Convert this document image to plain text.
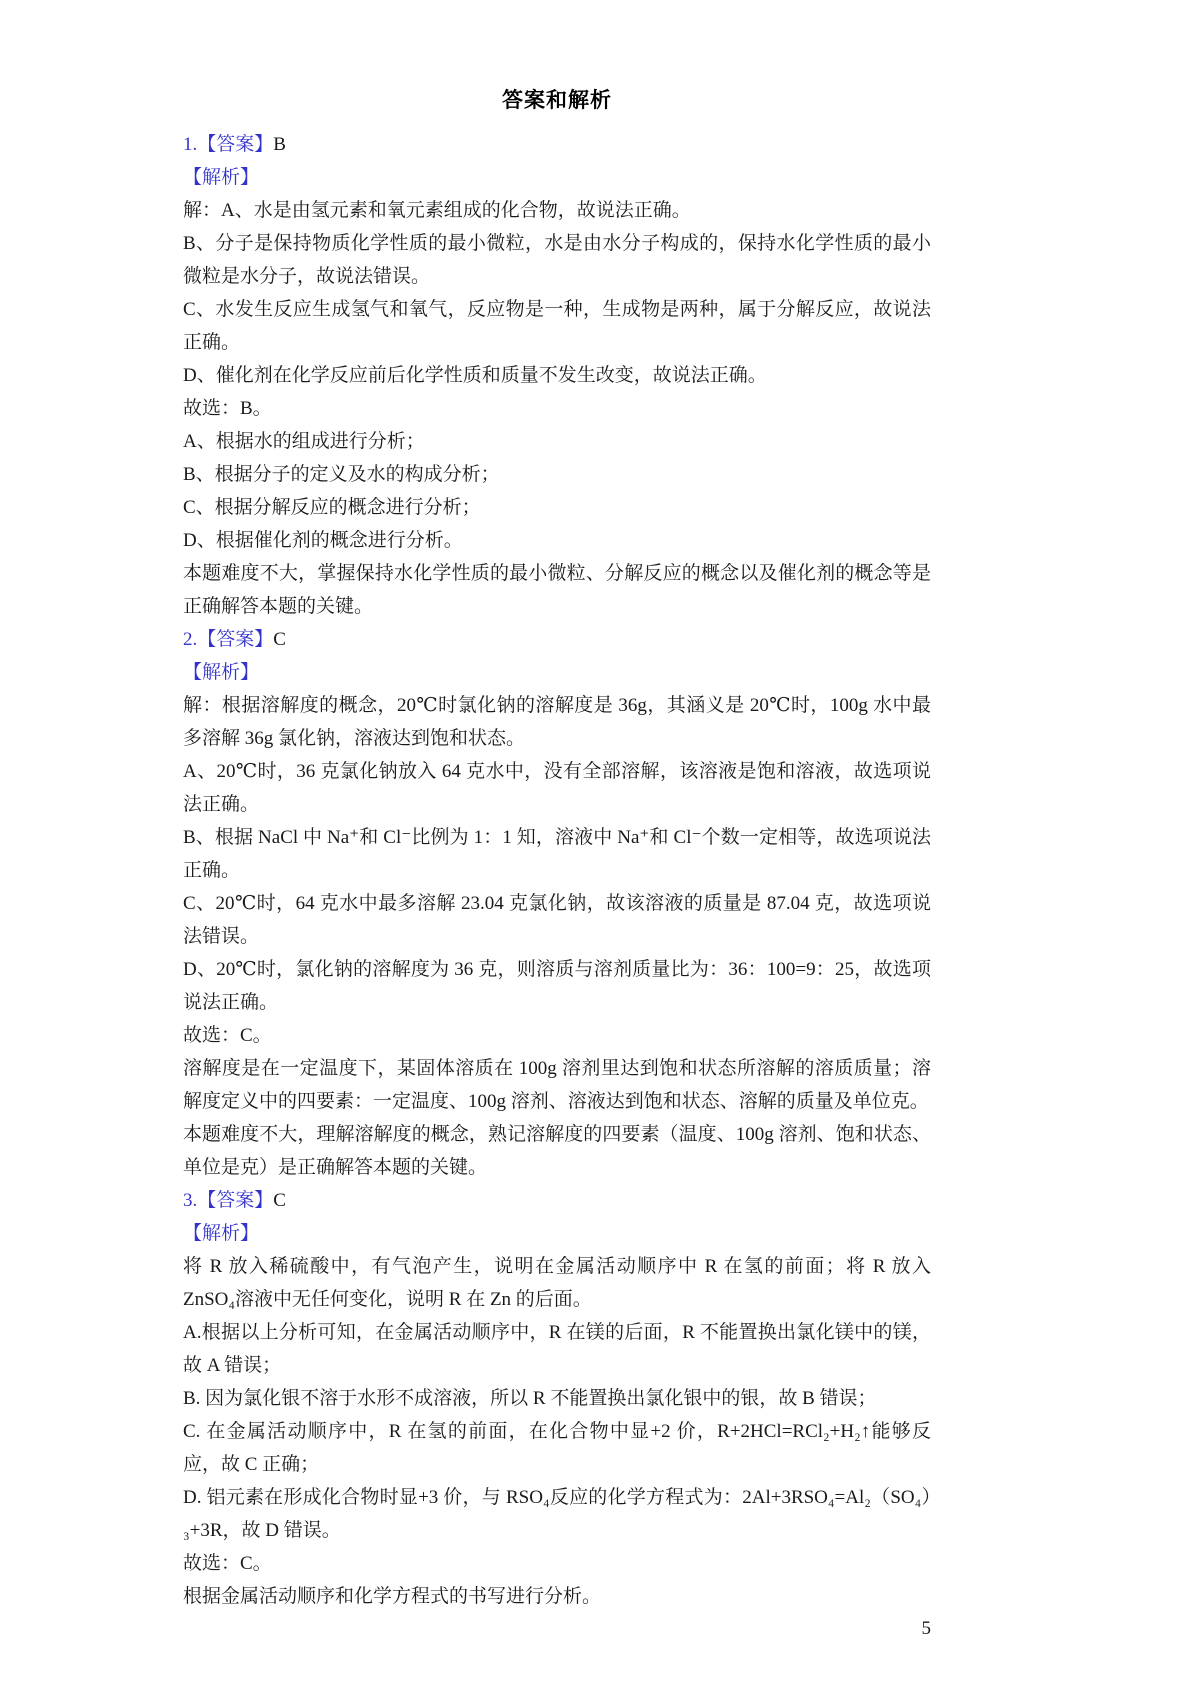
答案和解析

1.【答案】B

【解析】

解：A、水是由氢元素和氧元素组成的化合物，故说法正确。

B、分子是保持物质化学性质的最小微粒，水是由水分子构成的，保持水化学性质的最小微粒是水分子，故说法错误。

C、水发生反应生成氢气和氧气，反应物是一种，生成物是两种，属于分解反应，故说法正确。

D、催化剂在化学反应前后化学性质和质量不发生改变，故说法正确。

故选：B。

A、根据水的组成进行分析；

B、根据分子的定义及水的构成分析；

C、根据分解反应的概念进行分析；

D、根据催化剂的概念进行分析。

本题难度不大，掌握保持水化学性质的最小微粒、分解反应的概念以及催化剂的概念等是正确解答本题的关键。

2.【答案】C

【解析】

解：根据溶解度的概念，20℃时氯化钠的溶解度是 36g，其涵义是 20℃时，100g 水中最多溶解 36g 氯化钠，溶液达到饱和状态。

A、20℃时，36 克氯化钠放入 64 克水中，没有全部溶解，该溶液是饱和溶液，故选项说法正确。

B、根据 NaCl 中 Na⁺和 Cl⁻比例为 1：1 知，溶液中 Na⁺和 Cl⁻个数一定相等，故选项说法正确。

C、20℃时，64 克水中最多溶解 23.04 克氯化钠，故该溶液的质量是 87.04 克，故选项说法错误。

D、20℃时，氯化钠的溶解度为 36 克，则溶质与溶剂质量比为：36：100=9：25，故选项说法正确。

故选：C。

溶解度是在一定温度下，某固体溶质在 100g 溶剂里达到饱和状态所溶解的溶质质量；溶解度定义中的四要素：一定温度、100g 溶剂、溶液达到饱和状态、溶解的质量及单位克。

本题难度不大，理解溶解度的概念，熟记溶解度的四要素（温度、100g 溶剂、饱和状态、单位是克）是正确解答本题的关键。

3.【答案】C

【解析】

将 R 放入稀硫酸中，有气泡产生，说明在金属活动顺序中 R 在氢的前面；将 R 放入 ZnSO₄溶液中无任何变化，说明 R 在 Zn 的后面。

A.根据以上分析可知，在金属活动顺序中，R 在镁的后面，R 不能置换出氯化镁中的镁，故 A 错误；

B. 因为氯化银不溶于水形不成溶液，所以 R 不能置换出氯化银中的银，故 B 错误；

C. 在金属活动顺序中，R 在氢的前面，在化合物中显+2 价，R+2HCl=RCl₂+H₂↑能够反应，故 C 正确；

D. 铝元素在形成化合物时显+3 价，与 RSO₄反应的化学方程式为：2Al+3RSO₄=Al₂（SO₄）₃+3R，故 D 错误。

故选：C。

根据金属活动顺序和化学方程式的书写进行分析。

5
